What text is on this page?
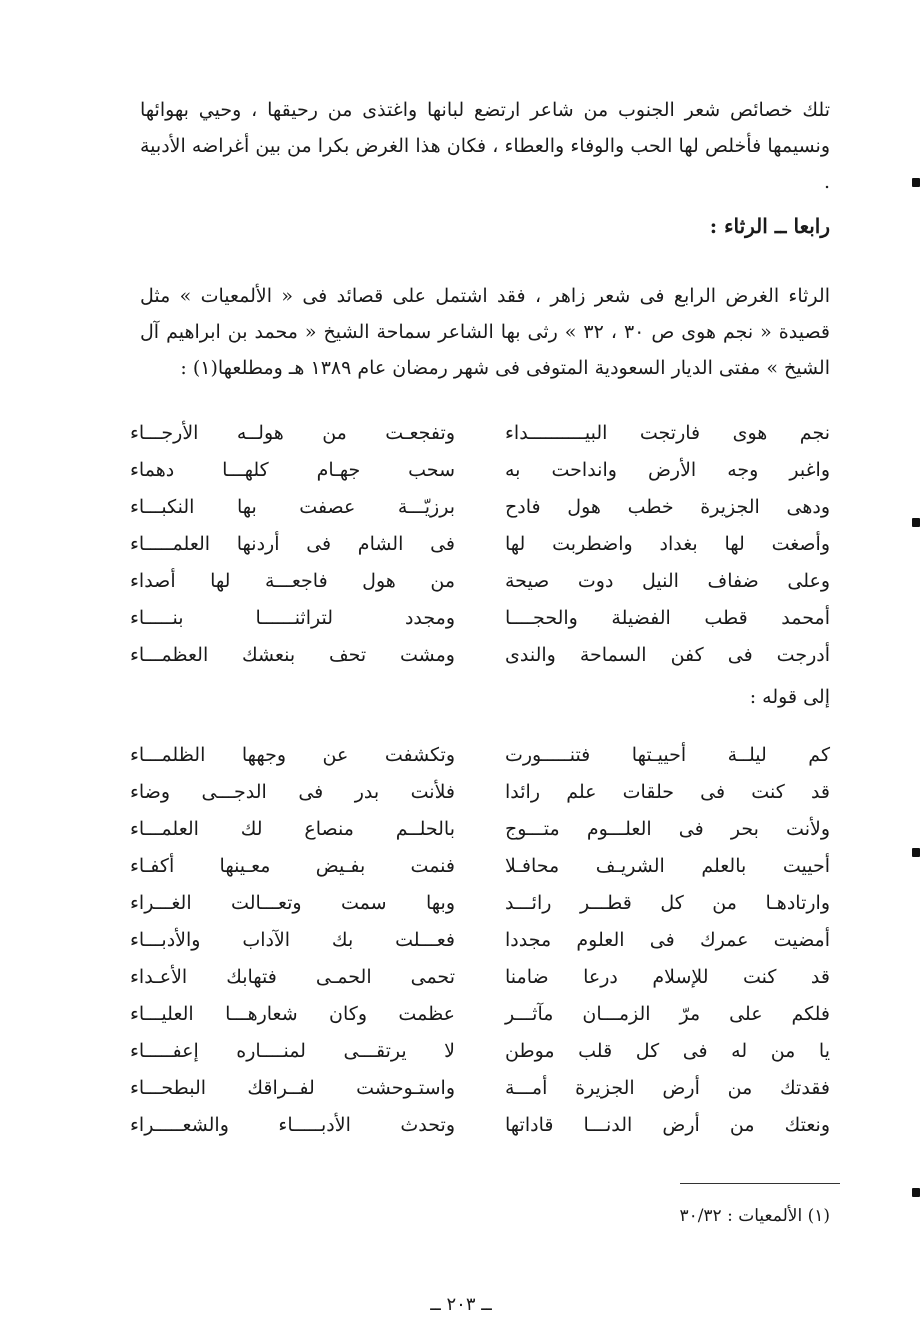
تلك خصائص شعر الجنوب من شاعر ارتضع لبانها واغتذى من رحيقها ، وحيي بهوائها ونسيمها فأخلص لها الحب والوفاء والعطاء ، فكان هذا الغرض بكرا من بين أغراضه الأدبية .

رابعا ــ الرثاء :

الرثاء الغرض الرابع فى شعر زاهر ، فقد اشتمل على قصائد فى « الألمعيات » مثل قصيدة « نجم هوى ص ٣٠ ، ٣٢ » رثى بها الشاعر سماحة الشيخ « محمد بن ابراهيم آل الشيخ » مفتى الديار السعودية المتوفى فى شهر رمضان عام ١٣٨٩ هـ ومطلعها(١) :

نجم هوى فارتجت البيــــــــــداء
وتفجعـت من هولــه الأرجـــاء
واغبر وجه الأرض وانداحت به
سحب جهـام كلهـــا دهماء
ودهى الجزيرة خطب هول فادح
برزيّـــة عصفت بها النكبـــاء
وأصغت لها بغداد واضطربت لها
فى الشام فى أردنها العلمـــــاء
وعلى ضفاف النيل دوت صيحة
من هول فاجعـــة لها أصداء
أمحمد قطب الفضيلة والحجــــا
ومجدد لتراثنــــــا بنـــــاء
أدرجت فى كفن السماحة والندى
ومشت تحف بنعشك العظمـــاء
إلى قوله :
كم ليلــة أحييـتها فتنـــــورت
وتكشفت عن وجهها الظلمـــاء
قد كنت فى حلقات علم رائدا
فلأنت بدر فى الدجـــى وضاء
ولأنت بحر فى العلـــوم متـــوج
بالحلــم منصاع لك العلمـــاء
أحييت بالعلم الشريـف محافـلا
فنمت بفـيض معـينها أكفـاء
وارتادهـا من كل قطـــر رائـــد
وبها سمت وتعـــالت الغـــراء
أمضيت عمرك فى العلوم مجددا
فعـــلت بك الآداب والأدبـــاء
قد كنت للإسلام درعا ضامنا
تحمى الحمـى فتهابك الأعـداء
فلكم على مرّ الزمـــان مآثـــر
عظمت وكان شعارهـــا العليـــاء
يا من له فى كل قلب موطن
لا يرتقـــى لمنــــاره إعفـــــاء
فقدتك من أرض الجزيرة أمـــة
واستـوحشت لفــراقك البطحـــاء
ونعتك من أرض الدنـــا قاداتها
وتحدث الأدبـــــاء والشعـــــراء
(١) الألمعيات : ٣٠/٣٢
ــ ٢٠٣ ــ
